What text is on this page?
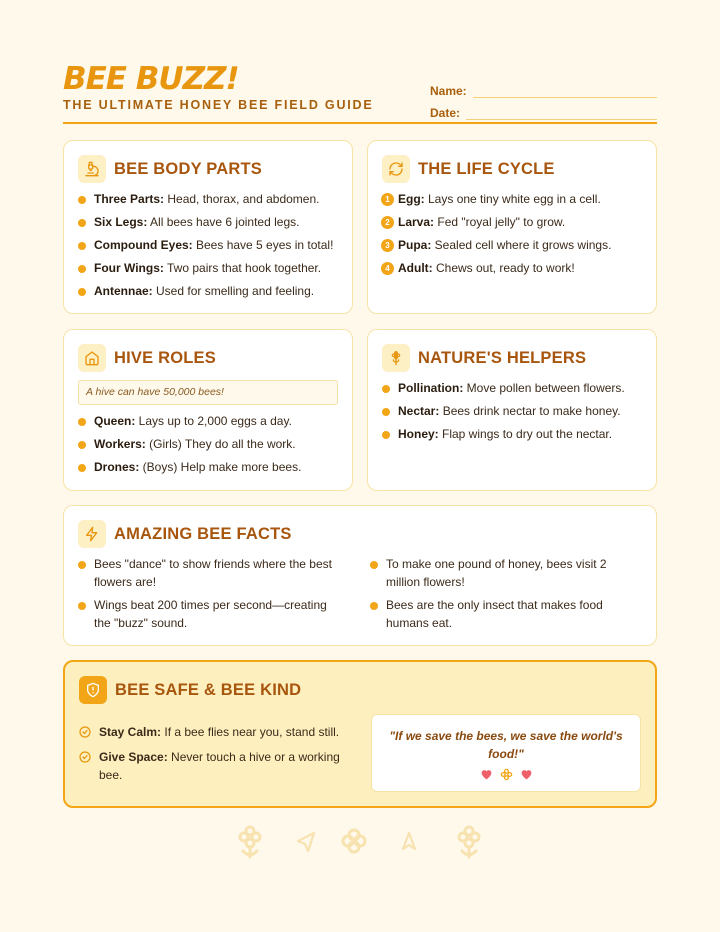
BEE BUZZ!
THE ULTIMATE HONEY BEE FIELD GUIDE
Name:
Date:
BEE BODY PARTS
Three Parts: Head, thorax, and abdomen.
Six Legs: All bees have 6 jointed legs.
Compound Eyes: Bees have 5 eyes in total!
Four Wings: Two pairs that hook together.
Antennae: Used for smelling and feeling.
THE LIFE CYCLE
1 Egg: Lays one tiny white egg in a cell.
2 Larva: Fed "royal jelly" to grow.
3 Pupa: Sealed cell where it grows wings.
4 Adult: Chews out, ready to work!
HIVE ROLES
A hive can have 50,000 bees!
Queen: Lays up to 2,000 eggs a day.
Workers: (Girls) They do all the work.
Drones: (Boys) Help make more bees.
NATURE'S HELPERS
Pollination: Move pollen between flowers.
Nectar: Bees drink nectar to make honey.
Honey: Flap wings to dry out the nectar.
AMAZING BEE FACTS
Bees "dance" to show friends where the best flowers are!
Wings beat 200 times per second—creating the "buzz" sound.
To make one pound of honey, bees visit 2 million flowers!
Bees are the only insect that makes food humans eat.
BEE SAFE & BEE KIND
Stay Calm: If a bee flies near you, stand still.
Give Space: Never touch a hive or a working bee.
"If we save the bees, we save the world's food!"
